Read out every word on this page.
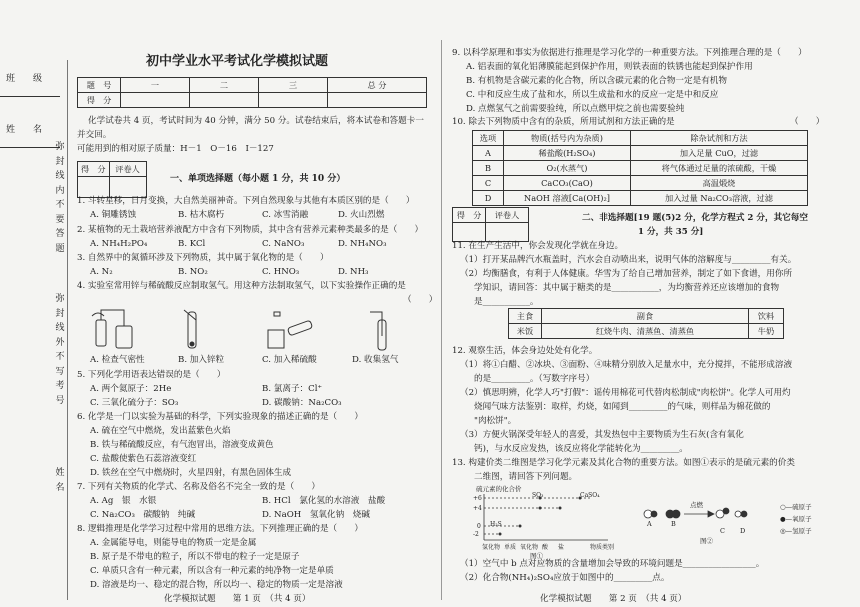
班　　级
姓　　名
弥封线内不要答题
弥封线外不写考号
姓名
初中学业水平考试化学模拟试题
题　号	一	二	三	总 分
得　分				
化学试卷共 4 页，考试时间为 40 分钟，满分 50 分。试卷结束后，将本试卷和答题卡一
并交回。
可能用到的相对原子质量：H－1　O－16　I－127
得　分	评卷人

一、单项选择题（每小题 1 分，共 10 分）
1. 斗转星移，日月变换，大自然美丽神奇。下列自然现象与其他有本质区别的是（　　）
A. 铜雕锈蚀	B. 枯木腐朽	C. 冰雪消融	D. 火山烈燃
2. 某植物的无土栽培营养液配方中含有下列物质，其中含有营养元素种类最多的是（　　）
A. NH₄H₂PO₄	B. KCl	C. NaNO₃	D. NH₄NO₃
3. 自然界中的氮循环涉及下列物质，其中属于氧化物的是（　　）
A. N₂	B. NO₂	C. HNO₃	D. NH₃
4. 实验室常用锌与稀硫酸反应制取氢气。用这种方法制取氢气，以下实验操作正确的是
（　　）
A. 检查气密性	B. 加入锌粒	C. 加入稀硫酸	D. 收集氢气
5. 下列化学用语表达错误的是（　　）
A. 两个氦原子：2He	B. 氯离子：Cl⁺
C. 三氧化硫分子：SO₃	D. 碳酸钠：Na₂CO₃
6. 化学是一门以实验为基础的科学，下列实验现象的描述正确的是（　　）
A. 硫在空气中燃烧，发出蓝紫色火焰
B. 铁与稀硫酸反应，有气泡冒出，溶液变成黄色
C. 盐酸使紫色石蕊溶液变红
D. 铁丝在空气中燃烧时，火星四射，有黑色固体生成
7. 下列有关物质的化学式、名称及俗名不完全一致的是（　　）
A. Ag　银　水银	B. HCl　氯化氢的水溶液　盐酸
C. Na₂CO₃　碳酸钠　纯碱	D. NaOH　氢氧化钠　烧碱
8. 逻辑推理是化学学习过程中常用的思维方法。下列推理正确的是（　　）
A. 金属能导电，则能导电的物质一定是金属
B. 原子是不带电的粒子，所以不带电的粒子一定是原子
C. 单质只含有一种元素，所以含有一种元素的纯净物一定是单质
D. 溶液是均一、稳定的混合物，所以均一、稳定的物质一定是溶液
化学模拟试题　　第 1 页　（共 4 页）
9. 以科学原理和事实为依据进行推理是学习化学的一种重要方法。下列推理合理的是（　　）
A. 铝表面的氧化铝薄膜能起到保护作用，则铁表面的铁锈也能起到保护作用
B. 有机物是含碳元素的化合物，所以含碳元素的化合物一定是有机物
C. 中和反应生成了盐和水，所以生成盐和水的反应一定是中和反应
D. 点燃氢气之前需要验纯，所以点燃甲烷之前也需要验纯
10. 除去下列物质中含有的杂质，所用试剂和方法正确的是	（　　）
选项	物质(括号内为杂质)	除杂试剂和方法
A	稀盐酸(H₂SO₄)	加入足量 CuO，过滤
B	O₂(水蒸气)	将气体通过足量的浓硫酸，干燥
C	CaCO₃(CaO)	高温煅烧
D	NaOH 溶液[Ca(OH)₂]	加入过量 Na₂CO₃溶液，过滤
得　分	评卷人
		二、非选择题[19 题(5)2 分，化学方程式 2 分，其它每空
1 分，共 35 分]
11. 在生产生活中，你会发现化学就在身边。
（1）打开某品牌汽水瓶盖时，汽水会自动喷出来，说明气体的溶解度与_________有关。
（2）均衡膳食，有利于人体健康。华雪为了给自己增加营养，制定了如下食谱，用你所
学知识，请回答：其中属于糖类的是___________，为均衡营养还应该增加的食物
是___________。
主食	副食	饮料
米饭	红烧牛肉、清蒸鱼、清蒸鱼	牛奶
12. 观察生活，体会身边处处有化学。
（1）将①白醋、②冰块、③面粉、④味精分别放入足量水中，充分搅拌，不能形成溶液
的是_________。（写数字序号）
（2）慎思明辨，化学人巧"打假"：谣传用棉花可代替肉松制成"肉松饼"。化学人可用灼
烧闻气味方法鉴别：取样，灼烧，如闻到_________的气味，则样品为棉花做的
"肉松饼"。
（3）方便火锅深受年轻人的喜爱，其发热包中主要物质为生石灰(含有氧化
钙)，与水反应发热，该反应将化学能转化为_________。
13. 构建价类二维图是学习化学元素及其化合物的重要方法。如图①表示的是硫元素的价类
二维图，请回答下列问题。
硫元素的化合价
+6
+4
0
-2
SO₃	CaSO₄
H₂S
氢化物 单质 氧化物 酸 盐	物质类别
图①
点燃
A	B
C D
图②
○—硫原子
●—氧原子
◎—氢原子
（1）空气中 b 点对应物质的含量增加会导致的环境问题是_________________。
（2）化合物(NH₄)₂SO₄应放于如图中的_________点。
化学模拟试题　　第 2 页　（共 4 页）
